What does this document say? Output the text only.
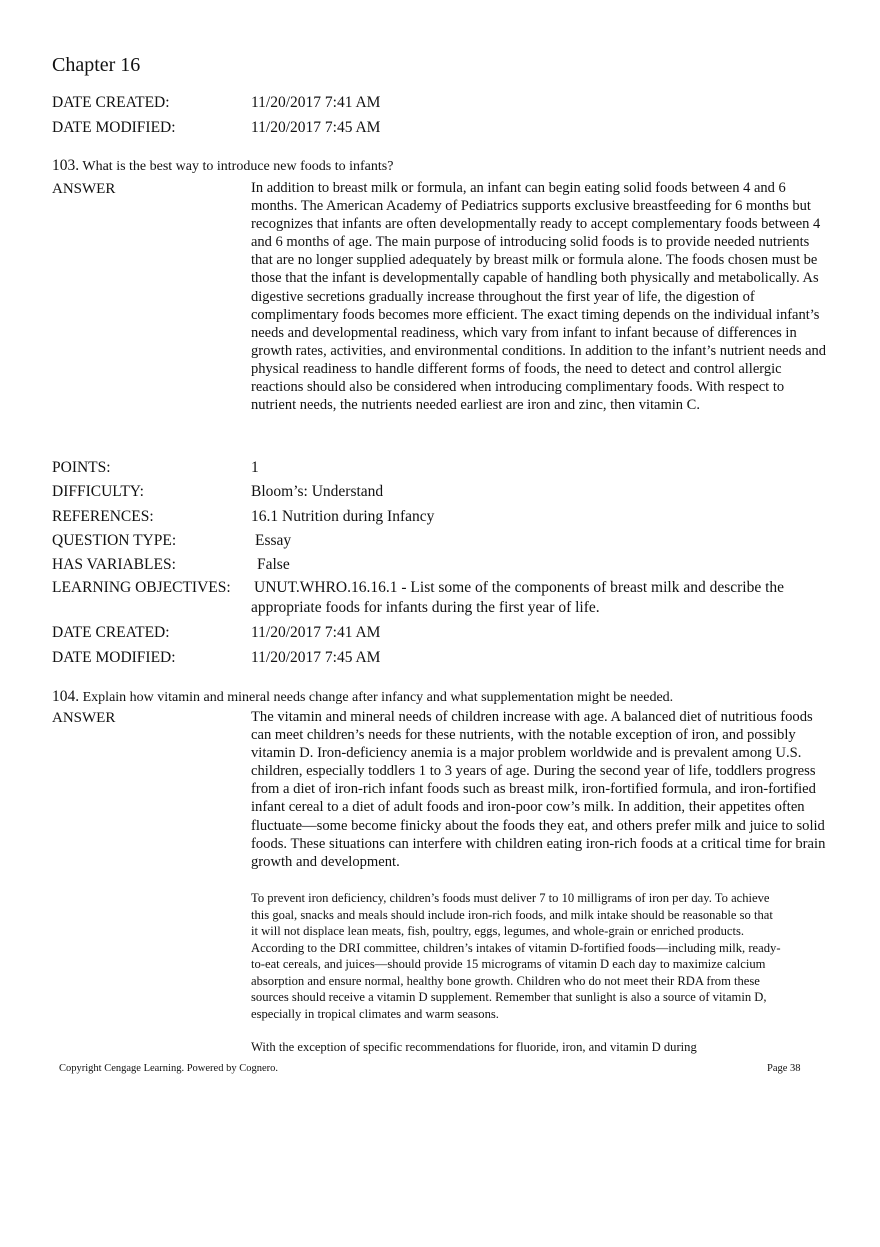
Chapter 16
DATE CREATED:	11/20/2017 7:41 AM
DATE MODIFIED:	11/20/2017 7:45 AM
103. What is the best way to introduce new foods to infants?
ANSWER	In addition to breast milk or formula, an infant can begin eating solid foods between 4 and 6 months. The American Academy of Pediatrics supports exclusive breastfeeding for 6 months but recognizes that infants are often developmentally ready to accept complementary foods between 4 and 6 months of age. The main purpose of introducing solid foods is to provide needed nutrients that are no longer supplied adequately by breast milk or formula alone. The foods chosen must be those that the infant is developmentally capable of handling both physically and metabolically. As digestive secretions gradually increase throughout the first year of life, the digestion of complimentary foods becomes more efficient. The exact timing depends on the individual infant’s needs and developmental readiness, which vary from infant to infant because of differences in growth rates, activities, and environmental conditions. In addition to the infant’s nutrient needs and physical readiness to handle different forms of foods, the need to detect and control allergic reactions should also be considered when introducing complimentary foods. With respect to nutrient needs, the nutrients needed earliest are iron and zinc, then vitamin C.
POINTS:	1
DIFFICULTY:	Bloom’s: Understand
REFERENCES:	16.1 Nutrition during Infancy
QUESTION TYPE:	Essay
HAS VARIABLES:	False
LEARNING OBJECTIVES: UNUT.WHRO.16.16.1 - List some of the components of breast milk and describe the appropriate foods for infants during the first year of life.
DATE CREATED:	11/20/2017 7:41 AM
DATE MODIFIED:	11/20/2017 7:45 AM
104. Explain how vitamin and mineral needs change after infancy and what supplementation might be needed.
ANSWER	The vitamin and mineral needs of children increase with age. A balanced diet of nutritious foods can meet children’s needs for these nutrients, with the notable exception of iron, and possibly vitamin D. Iron-deficiency anemia is a major problem worldwide and is prevalent among U.S. children, especially toddlers 1 to 3 years of age. During the second year of life, toddlers progress from a diet of iron-rich infant foods such as breast milk, iron-fortified formula, and iron-fortified infant cereal to a diet of adult foods and iron-poor cow’s milk. In addition, their appetites often fluctuate—some become finicky about the foods they eat, and others prefer milk and juice to solid foods. These situations can interfere with children eating iron-rich foods at a critical time for brain growth and development.
To prevent iron deficiency, children’s foods must deliver 7 to 10 milligrams of iron per day. To achieve this goal, snacks and meals should include iron-rich foods, and milk intake should be reasonable so that it will not displace lean meats, fish, poultry, eggs, legumes, and whole-grain or enriched products. According to the DRI committee, children’s intakes of vitamin D-fortified foods—including milk, ready-to-eat cereals, and juices—should provide 15 micrograms of vitamin D each day to maximize calcium absorption and ensure normal, healthy bone growth. Children who do not meet their RDA from these sources should receive a vitamin D supplement. Remember that sunlight is also a source of vitamin D, especially in tropical climates and warm seasons.
With the exception of specific recommendations for fluoride, iron, and vitamin D during
Copyright Cengage Learning. Powered by Cognero.	Page 38
